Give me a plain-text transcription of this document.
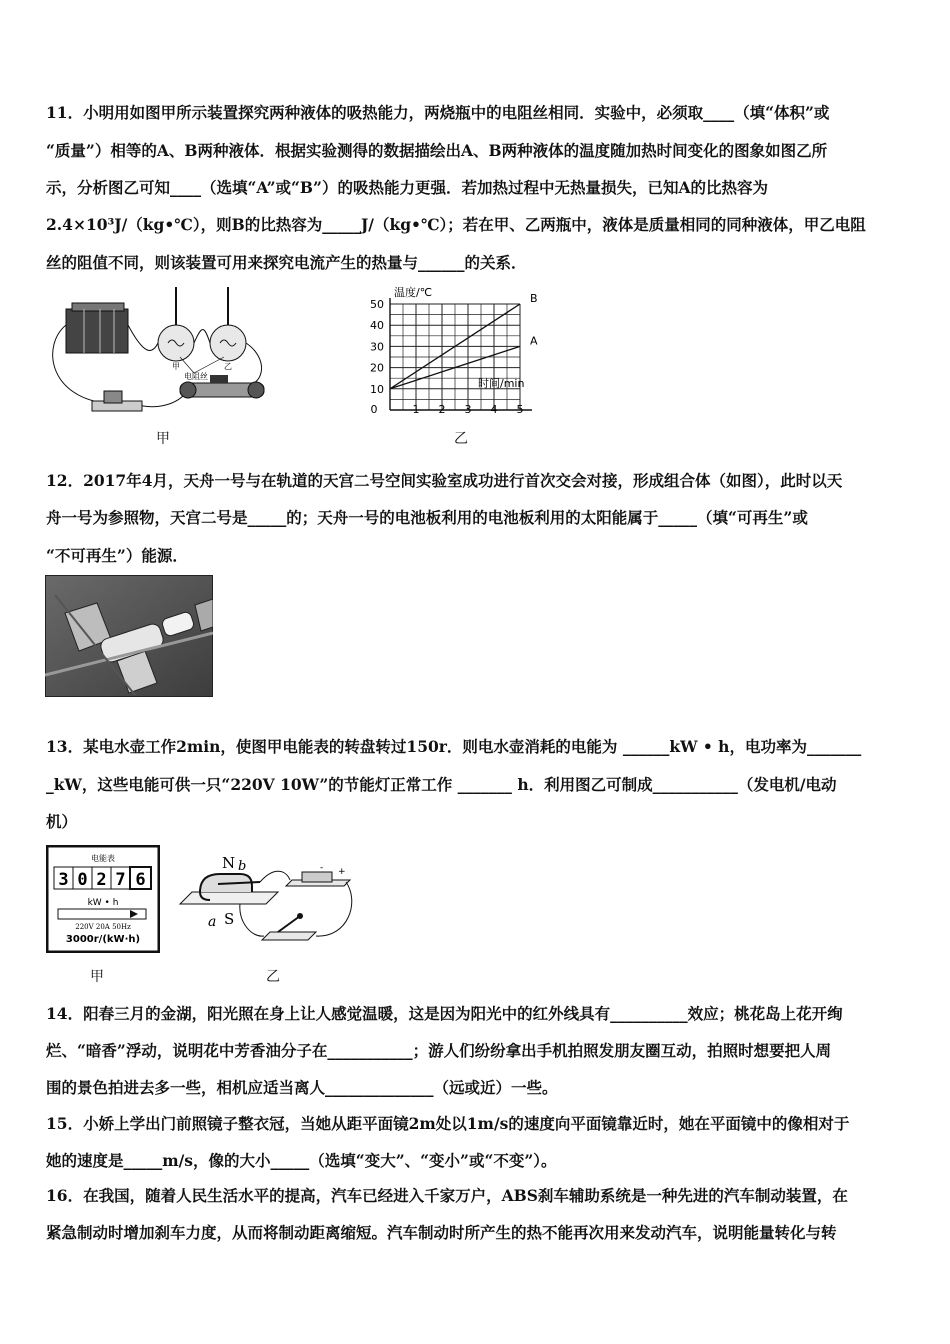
11．小明用如图甲所示装置探究两种液体的吸热能力，两烧瓶中的电阻丝相同．实验中，必须取____（填“体积”或
“质量”）相等的A、B两种液体．根据实验测得的数据描绘出A、B两种液体的温度随加热时间变化的图象如图乙所
示，分析图乙可知____（选填“A”或“B”）的吸热能力更强．若加热过程中无热量损失，已知A的比热容为
2.4×10³J/（kg•℃），则B的比热容为_____J/（kg•℃）；若在甲、乙两瓶中，液体是质量相同的同种液体，甲乙电阻
丝的阻值不同，则该装置可用来探究电流产生的热量与______的关系．
甲	乙
电阻丝
甲
0	1 2 3 4 5
10
20
30
40
50	B
A
温度/℃
时间/min
乙
12．2017年4月，天舟一号与在轨道的天宫二号空间实验室成功进行首次交会对接，形成组合体（如图），此时以天
舟一号为参照物，天宫二号是_____的；天舟一号的电池板利用的电池板利用的太阳能属于_____（填“可再生”或
“不可再生”）能源．
13．某电水壶工作2min，使图甲电能表的转盘转过150r．则电水壶消耗的电能为 ______kW • h，电功率为_______
_kW，这些电能可供一只“220V 10W”的节能灯正常工作 _______ h．利用图乙可制成___________（发电机/电动
机）
电能表
3 0 2 7 6
kW • h
220V 20A 50Hz
3000r/(kW·h)
甲
N b
a S
- +
乙
14．阳春三月的金湖，阳光照在身上让人感觉温暖，这是因为阳光中的红外线具有__________效应；桃花岛上花开绚
烂、“暗香”浮动，说明花中芳香油分子在___________；游人们纷纷拿出手机拍照发朋友圈互动，拍照时想要把人周
围的景色拍进去多一些，相机应适当离人______________（远或近）一些。
15．小娇上学出门前照镜子整衣冠，当她从距平面镜2m处以1m/s的速度向平面镜靠近时，她在平面镜中的像相对于
她的速度是_____m/s，像的大小_____（选填“变大”、“变小”或“不变”）。
16．在我国，随着人民生活水平的提高，汽车已经进入千家万户，ABS刹车辅助系统是一种先进的汽车制动装置，在
紧急制动时增加刹车力度，从而将制动距离缩短。汽车制动时所产生的热不能再次用来发动汽车，说明能量转化与转
